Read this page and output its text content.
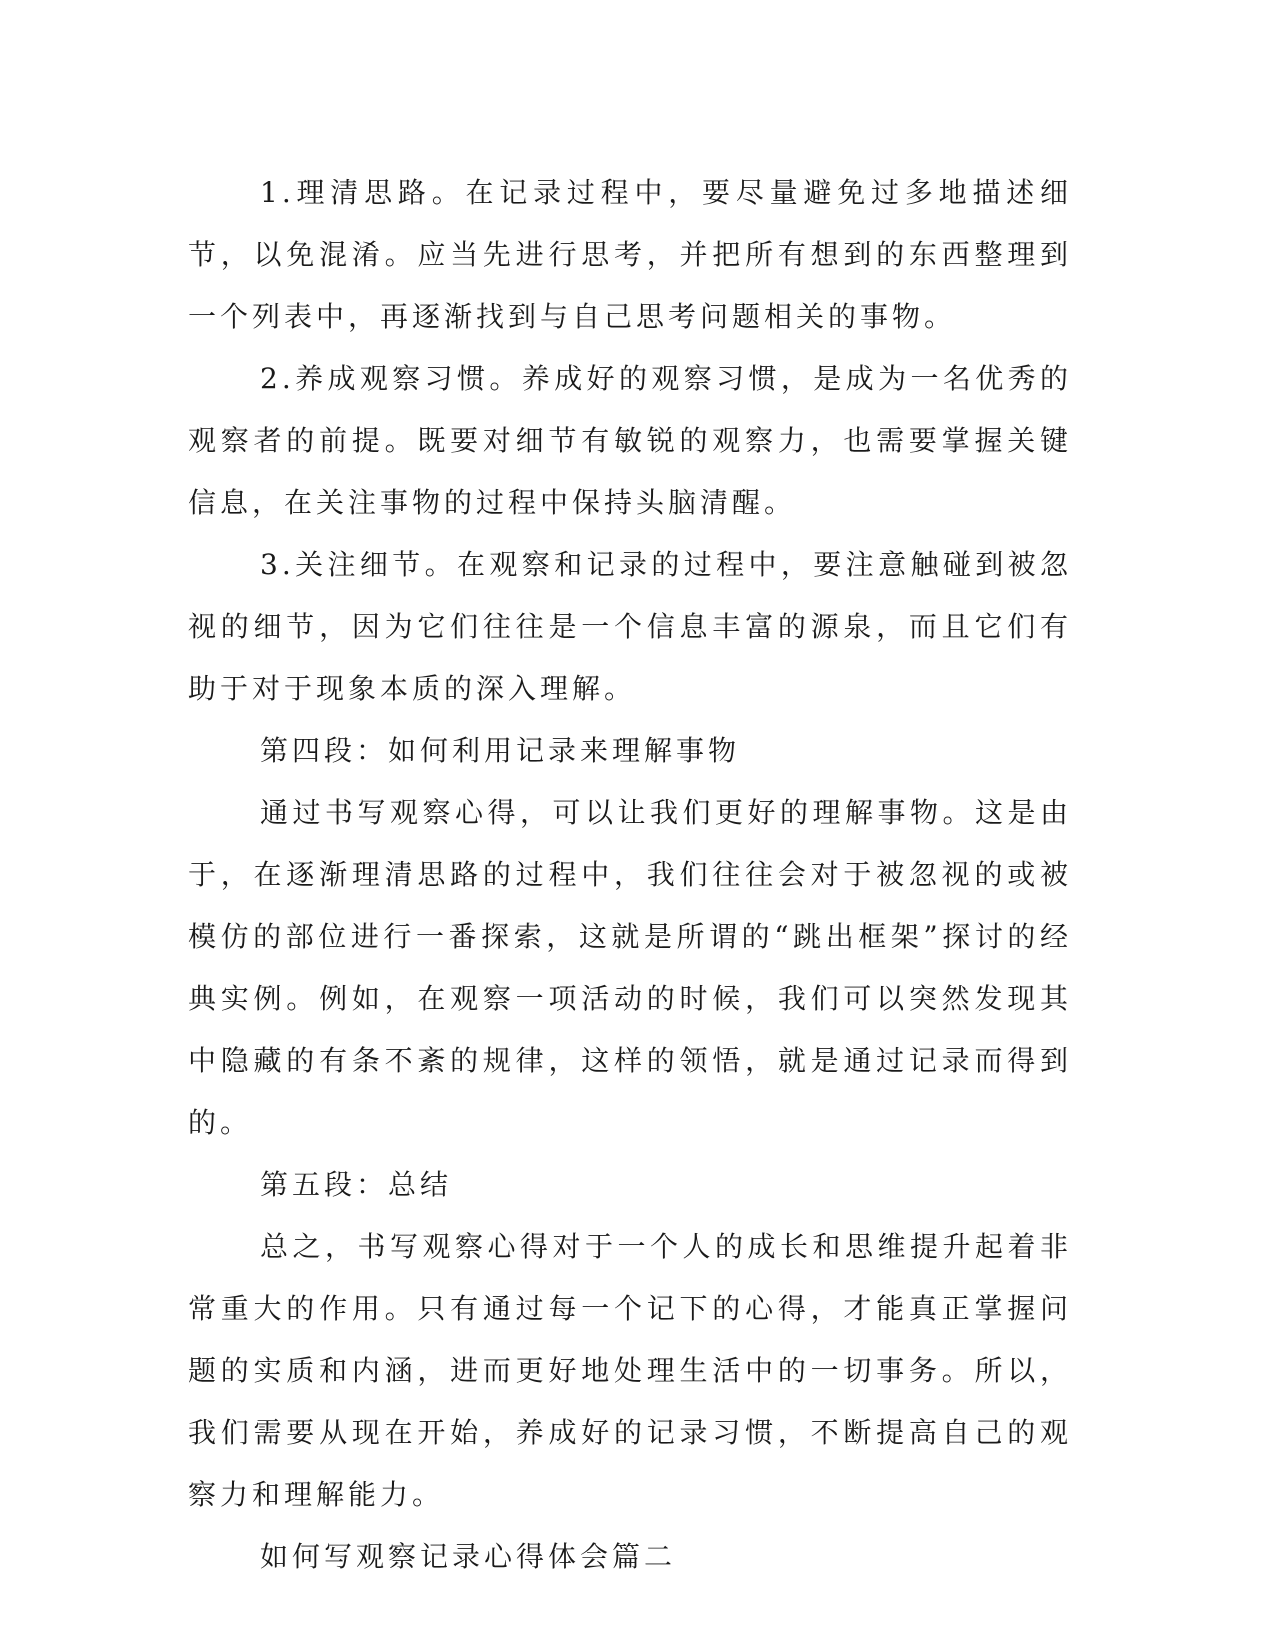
1.理清思路。在记录过程中，要尽量避免过多地描述细节，以免混淆。应当先进行思考，并把所有想到的东西整理到一个列表中，再逐渐找到与自己思考问题相关的事物。

2.养成观察习惯。养成好的观察习惯，是成为一名优秀的观察者的前提。既要对细节有敏锐的观察力，也需要掌握关键信息，在关注事物的过程中保持头脑清醒。

3.关注细节。在观察和记录的过程中，要注意触碰到被忽视的细节，因为它们往往是一个信息丰富的源泉，而且它们有助于对于现象本质的深入理解。

第四段：如何利用记录来理解事物

通过书写观察心得，可以让我们更好的理解事物。这是由于，在逐渐理清思路的过程中，我们往往会对于被忽视的或被模仿的部位进行一番探索，这就是所谓的“跳出框架”探讨的经典实例。例如，在观察一项活动的时候，我们可以突然发现其中隐藏的有条不紊的规律，这样的领悟，就是通过记录而得到的。

第五段：总结

总之，书写观察心得对于一个人的成长和思维提升起着非常重大的作用。只有通过每一个记下的心得，才能真正掌握问题的实质和内涵，进而更好地处理生活中的一切事务。所以，我们需要从现在开始，养成好的记录习惯，不断提高自己的观察力和理解能力。

如何写观察记录心得体会篇二
